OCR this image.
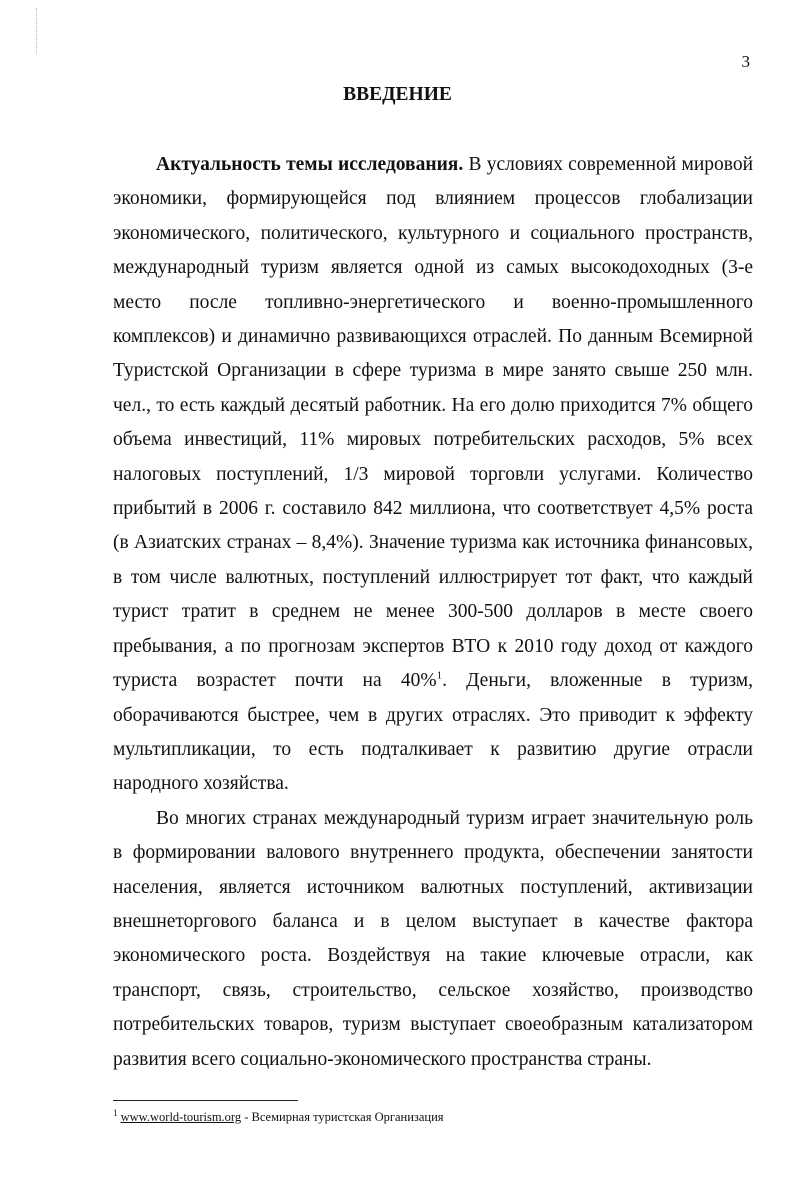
3
ВВЕДЕНИЕ

Актуальность темы исследования. В условиях современной мировой экономики, формирующейся под влиянием процессов глобализации экономического, политического, культурного и социального пространств, международный туризм является одной из самых высокодоходных (3-е место после топливно-энергетического и военно-промышленного комплексов) и динамично развивающихся отраслей. По данным Всемирной Туристской Организации в сфере туризма в мире занято свыше 250 млн. чел., то есть каждый десятый работник. На его долю приходится 7% общего объема инвестиций, 11% мировых потребительских расходов, 5% всех налоговых поступлений, 1/3 мировой торговли услугами. Количество прибытий в 2006 г. составило 842 миллиона, что соответствует 4,5% роста (в Азиатских странах – 8,4%). Значение туризма как источника финансовых, в том числе валютных, поступлений иллюстрирует тот факт, что каждый турист тратит в среднем не менее 300-500 долларов в месте своего пребывания, а по прогнозам экспертов ВТО к 2010 году доход от каждого туриста возрастет почти на 40%$^1$. Деньги, вложенные в туризм, оборачиваются быстрее, чем в других отраслях. Это приводит к эффекту мультипликации, то есть подталкивает к развитию другие отрасли народного хозяйства.

Во многих странах международный туризм играет значительную роль в формировании валового внутреннего продукта, обеспечении занятости населения, является источником валютных поступлений, активизации внешнеторгового баланса и в целом выступает в качестве фактора экономического роста. Воздействуя на такие ключевые отрасли, как транспорт, связь, строительство, сельское хозяйство, производство потребительских товаров, туризм выступает своеобразным катализатором развития всего социально-экономического пространства страны.

$^1$ www.world-tourism.org - Всемирная туристская Организация
